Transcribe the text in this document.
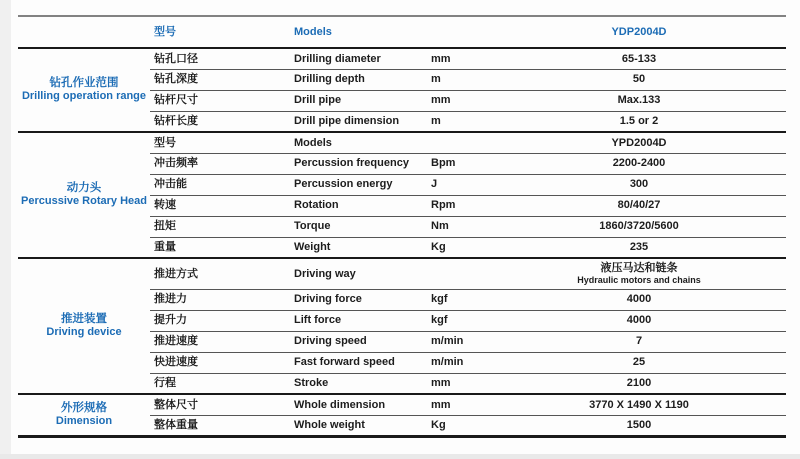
	型号	Models		YDP2004D

钻孔作业范围
Drilling operation range	钻孔口径	Drilling diameter	mm	65-133
	钻孔深度	Drilling depth	m	50
	钻杆尺寸	Drill pipe	mm	Max.133
	钻杆长度	Drill pipe dimension	m	1.5 or 2

动力头
Percussive Rotary Head	型号	Models		YPD2004D
	冲击频率	Percussion frequency	Bpm	2200-2400
	冲击能	Percussion energy	J	300
	转速	Rotation	Rpm	80/40/27
	扭矩	Torque	Nm	1860/3720/5600
	重量	Weight	Kg	235

推进装置
Driving device
	推进方式	Driving way		液压马达和链条
Hydraulic motors and chains

	推进力	Driving force	kgf	4000
	提升力	Lift force	kgf	4000
	推进速度	Driving speed	m/min	7
	快进速度	Fast forward speed	m/min	25
	行程	Stroke	mm	2100

外形规格
Dimension	整体尺寸	Whole dimension	mm	3770 X 1490 X 1190
	整体重量	Whole weight	Kg	1500
